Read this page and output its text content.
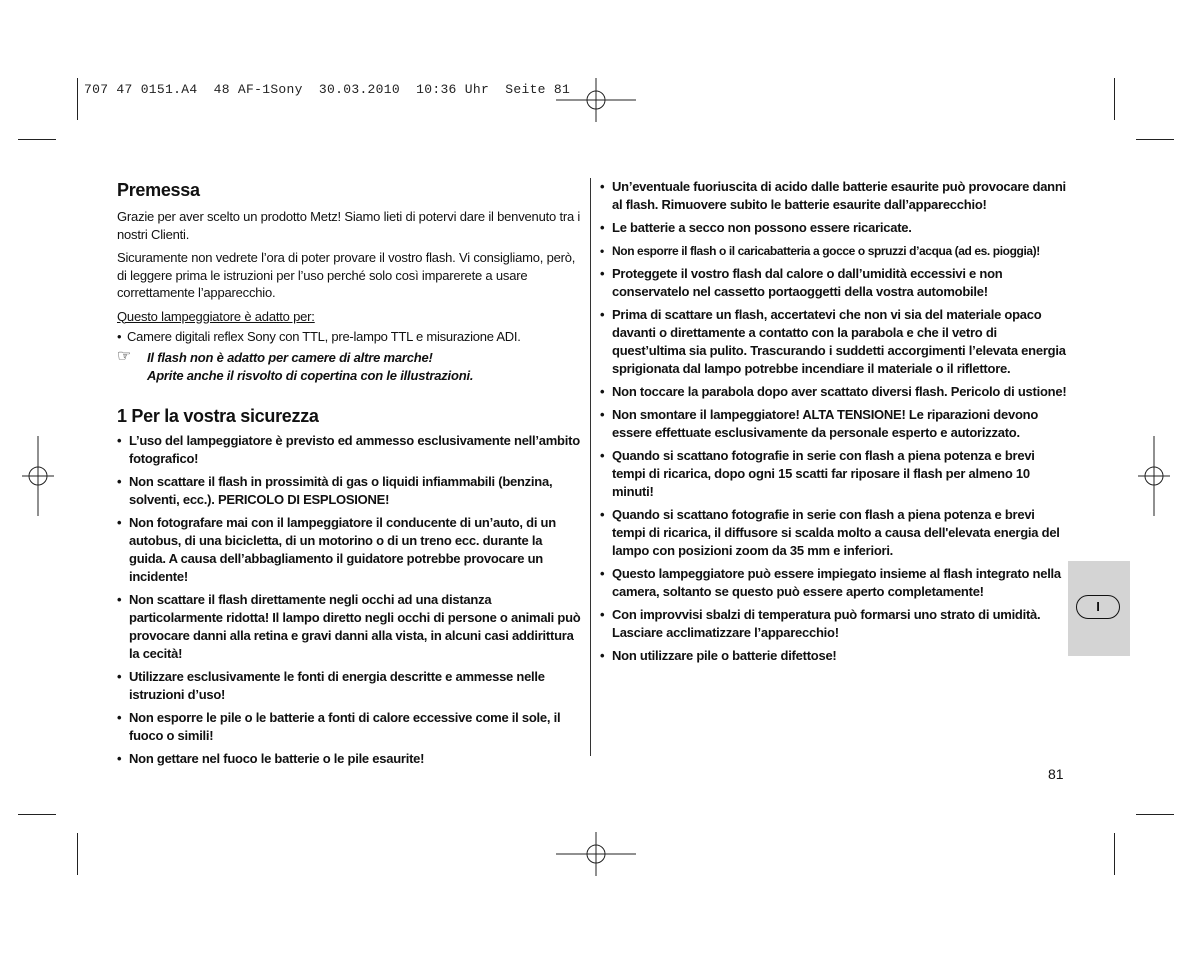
707 47 0151.A4  48 AF-1Sony  30.03.2010  10:36 Uhr  Seite 81
Premessa

Grazie per aver scelto un prodotto Metz! Siamo lieti di potervi dare il benvenuto tra i nostri Clienti.

Sicuramente non vedrete l’ora di poter provare il vostro flash. Vi consigliamo, però, di leggere prima le istruzioni per l’uso perché solo così imparerete a usare correttamente l’apparecchio.

Questo lampeggiatore è adatto per:

• Camere digitali reflex Sony con TTL, pre-lampo TTL e misurazione ADI.
☞ Il flash non è adatto per camere di altre marche!
Aprite anche il risvolto di copertina con le illustrazioni.
1 Per la vostra sicurezza
• L’uso del lampeggiatore è previsto ed ammesso esclusivamente nell’ambito fotografico!
• Non scattare il flash in prossimità di gas o liquidi infiammabili (benzina, solventi, ecc.). PERICOLO DI ESPLOSIONE!
• Non fotografare mai con il lampeggiatore il conducente di un’auto, di un autobus, di una bicicletta, di un motorino o di un treno ecc. durante la guida. A causa dell’abbagliamento il guidatore potrebbe provocare un incidente!
• Non scattare il flash direttamente negli occhi ad una distanza particolarmente ridotta! Il lampo diretto negli occhi di persone o animali può provocare danni alla retina e gravi danni alla vista, in alcuni casi addirittura la cecità!
• Utilizzare esclusivamente le fonti di energia descritte e ammesse nelle istruzioni d’uso!
• Non esporre le pile o le batterie a fonti di calore eccessive come il sole, il fuoco o simili!
• Non gettare nel fuoco le batterie o le pile esaurite!
• Un’eventuale fuoriuscita di acido dalle batterie esaurite può provocare danni al flash. Rimuovere subito le batterie esaurite dall’apparecchio!
• Le batterie a secco non possono essere ricaricate.
• Non esporre il flash o il caricabatteria a gocce o spruzzi d’acqua (ad es. pioggia)!
• Proteggete il vostro flash dal calore o dall’umidità eccessivi e non conservatelo nel cassetto portaoggetti della vostra automobile!
• Prima di scattare un flash, accertatevi che non vi sia del materiale opaco davanti o direttamente a contatto con la parabola e che il vetro di quest’ultima sia pulito. Trascurando i suddetti accorgimenti l’elevata energia sprigionata dal lampo potrebbe incendiare il materiale o il riflettore.
• Non toccare la parabola dopo aver scattato diversi flash. Pericolo di ustione!
• Non smontare il lampeggiatore! ALTA TENSIONE! Le riparazioni devono essere effettuate esclusivamente da personale esperto e autorizzato.
• Quando si scattano fotografie in serie con flash a piena potenza e brevi tempi di ricarica, dopo ogni 15 scatti far riposare il flash per almeno 10 minuti!
• Quando si scattano fotografie in serie con flash a piena potenza e brevi tempi di ricarica, il diffusore si scalda molto a causa dell'elevata energia del lampo con posizioni zoom da 35 mm e inferiori.
• Questo lampeggiatore può essere impiegato insieme al flash integrato nella camera, soltanto se questo può essere aperto completamente!
• Con improvvisi sbalzi di temperatura può formarsi uno strato di umidità. Lasciare acclimatizzare l’apparecchio!
• Non utilizzare pile o batterie difettose!
I
81
